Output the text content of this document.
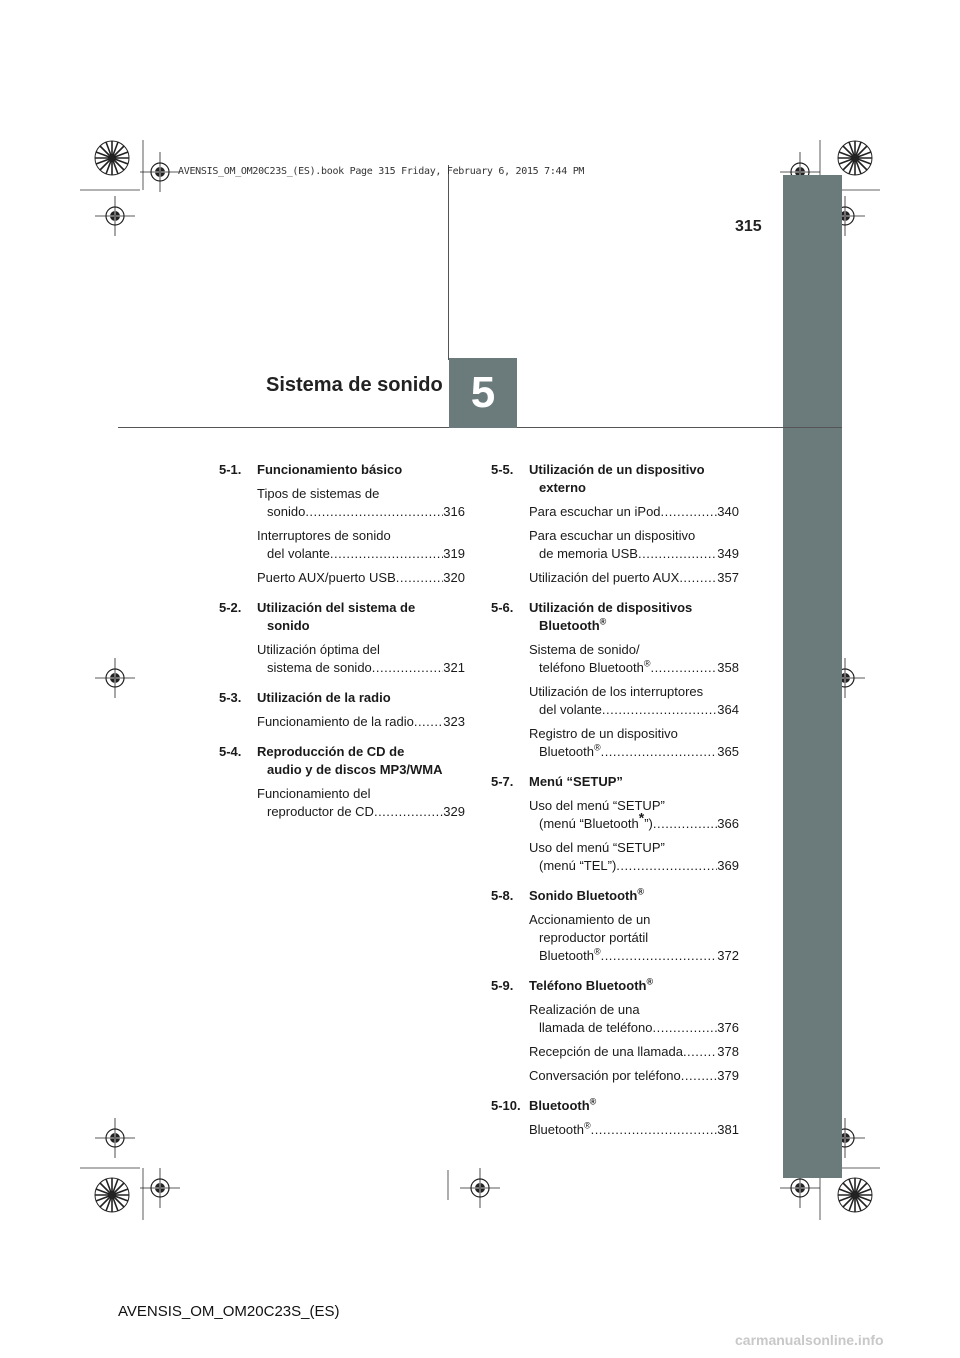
5
Sistema de sonido
315
AVENSIS_OM_OM20C23S_(ES).book Page 315 Friday, February 6, 2015 7:44 PM
5-1. Funcionamiento básico
Tipos de sistemas de
sonido .....	316
Interruptores de sonido
del volante .....	319
Puerto AUX/puerto USB .....	320
5-2. Utilización del sistema de
sonido
Utilización óptima del
sistema de sonido .....	321
5-3. Utilización de la radio
Funcionamiento de la radio ..... 323
5-4. Reproducción de CD de
audio y de discos MP3/WMA
Funcionamiento del
reproductor de CD .....	329
5-5. Utilización de un dispositivo
externo
Para escuchar un iPod .....	340
Para escuchar un dispositivo
de memoria USB .....	349
Utilización del puerto AUX .....	357
5-6. Utilización de dispositivos
Bluetooth®
Sistema de sonido/
teléfono Bluetooth® .....	358
Utilización de los interruptores
del volante .....	364
Registro de un dispositivo
Bluetooth® .....	365
5-7. Menú “SETUP”
Uso del menú “SETUP”
(menú “Bluetooth*”) .....	366
Uso del menú “SETUP”
(menú “TEL”) .....	369
5-8. Sonido Bluetooth®
Accionamiento de un
reproductor portátil
Bluetooth® .....	372
5-9. Teléfono Bluetooth®
Realización de una
llamada de teléfono .....	376
Recepción de una llamada .....	378
Conversación por teléfono .....	379
5-10. Bluetooth®
Bluetooth® .....	381
AVENSIS_OM_OM20C23S_(ES)
carmanualsonline.info
